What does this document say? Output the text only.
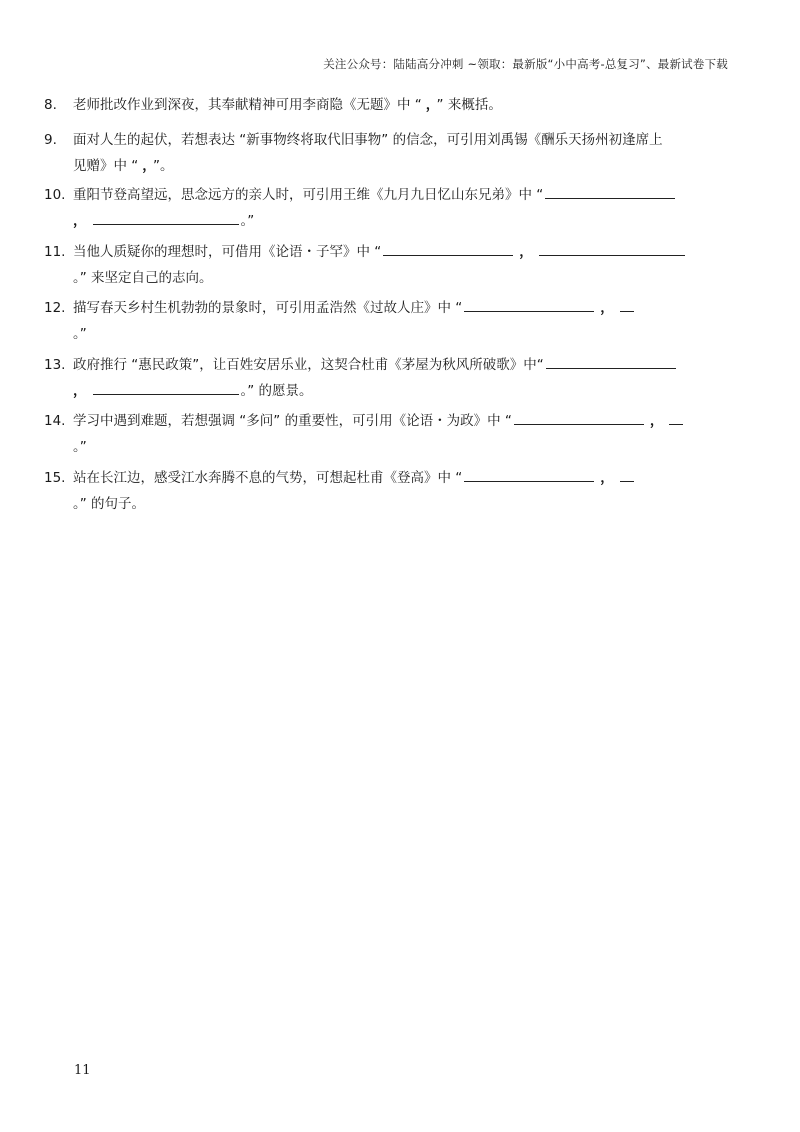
关注公众号：陆陆高分冲刺 ~领取：最新版“小中高考-总复习”、最新试卷下载
8. 老师批改作业到深夜，其奉献精神可用李商隐《无题》中 “ ， ” 来概括。
9. 面对人生的起伏，若想表达 “新事物终将取代旧事物” 的信念，可引用刘禹锡《酬乐天扬州初逢席上
见赠》中 “ ， ”。
10. 重阳节登高望远，思念远方的亲人时，可引用王维《九月九日忆山东兄弟》中 “
，	。”
11. 当他人质疑你的理想时，可借用《论语・子罕》中 “	，
。” 来坚定自己的志向。
12. 描写春天乡村生机勃勃的景象时，可引用孟浩然《过故人庄》中 “	，
。”
13. 政府推行 “惠民政策”，让百姓安居乐业，这契合杜甫《茅屋为秋风所破歌》中“
，	。” 的愿景。
14. 学习中遇到难题，若想强调 “多问” 的重要性，可引用《论语・为政》中 “	，
。”
15. 站在长江边，感受江水奔腾不息的气势，可想起杜甫《登高》中 “	，
。” 的句子。
11
